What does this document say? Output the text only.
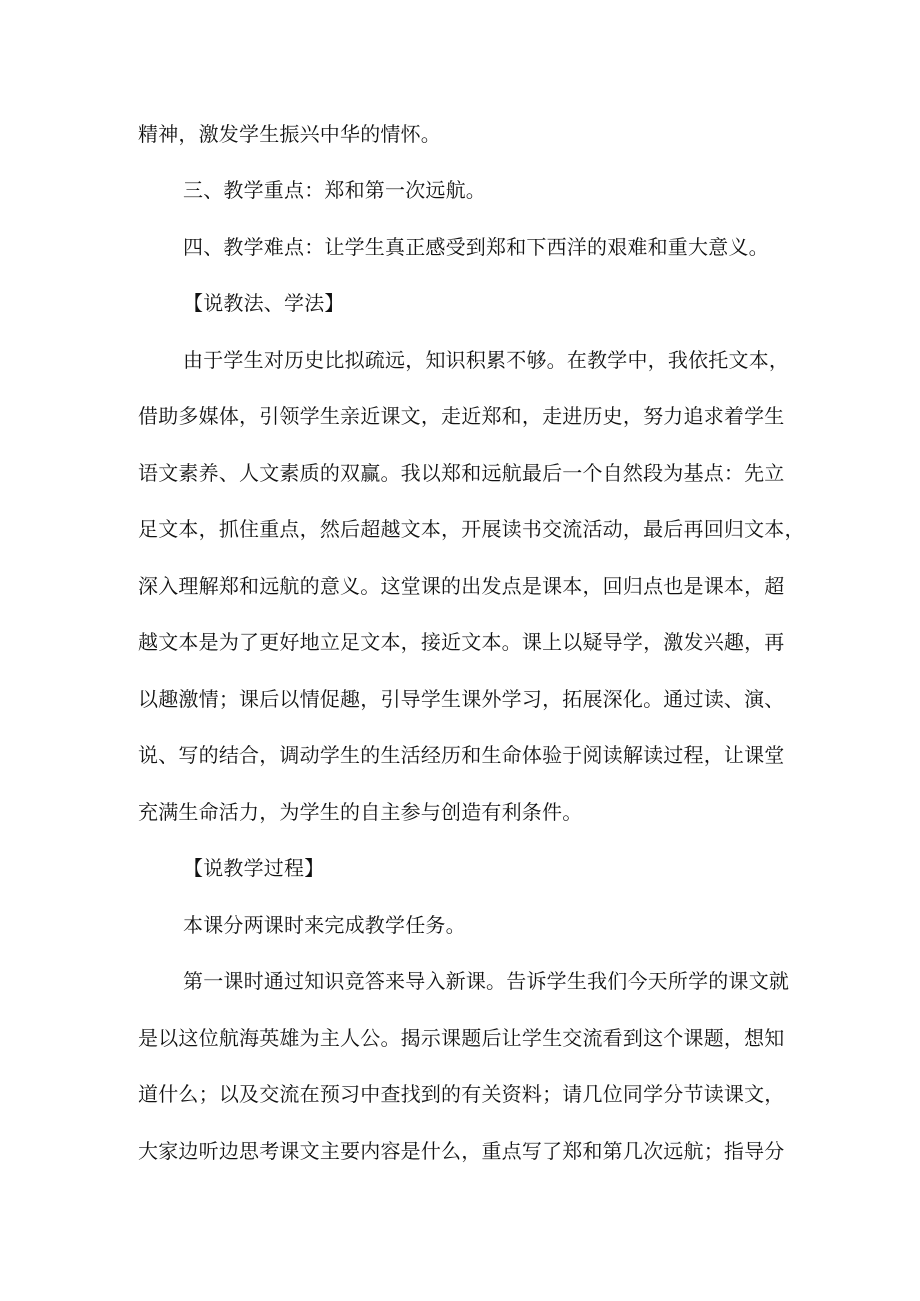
精神，激发学生振兴中华的情怀。
三、教学重点：郑和第一次远航。
四、教学难点：让学生真正感受到郑和下西洋的艰难和重大意义。
【说教法、学法】
由 于 学 生 对 历 史 比 拟 疏 远 ， 知 识 积 累 不 够 。 在 教 学 中 ， 我 依 托 文 本 ，
借 助 多 媒 体 ， 引 领 学 生 亲 近 课 文 ， 走 近 郑 和 ， 走 进 历 史 ， 努 力 追 求 着 学 生
语 文 素 养 、 人 文 素 质 的 双 赢 。 我 以 郑 和 远 航 最 后 一 个 自 然 段 为 基 点 ： 先 立
足 文 本 ， 抓 住 重 点 ， 然 后 超 越 文 本 ， 开 展 读 书 交 流 活 动 ， 最 后 再 回 归 文 本 ，
深 入 理 解 郑 和 远 航 的 意 义 。 这 堂 课 的 出 发 点 是 课 本 ， 回 归 点 也 是 课 本 ， 超
越 文 本 是 为 了 更 好 地 立 足 文 本 ， 接 近 文 本 。 课 上 以 疑 导 学 ， 激 发 兴 趣 ， 再
以 趣 激 情 ； 课 后 以 情 促 趣 ， 引 导 学 生 课 外 学 习 ， 拓 展 深 化 。 通 过 读 、 演 、
说 、 写 的 结 合 ， 调 动 学 生 的 生 活 经 历 和 生 命 体 验 于 阅 读 解 读 过 程 ， 让 课 堂
充满生命活力，为学生的自主参与创造有利条件。
【说教学过程】
本课分两课时来完成教学任务。
第 一 课 时 通 过 知 识 竞 答 来 导 入 新 课 。 告 诉 学 生 我 们 今 天 所 学 的 课 文 就
是 以 这 位 航 海 英 雄 为 主 人 公 。 揭 示 课 题 后 让 学 生 交 流 看 到 这 个 课 题 ， 想 知
道 什 么 ； 以 及 交 流 在 预 习 中 查 找 到 的 有 关 资 料 ； 请 几 位 同 学 分 节 读 课 文 ，
大 家 边 听 边 思 考 课 文 主 要 内 容 是 什 么 ， 重 点 写 了 郑 和 第 几 次 远 航 ； 指 导 分
